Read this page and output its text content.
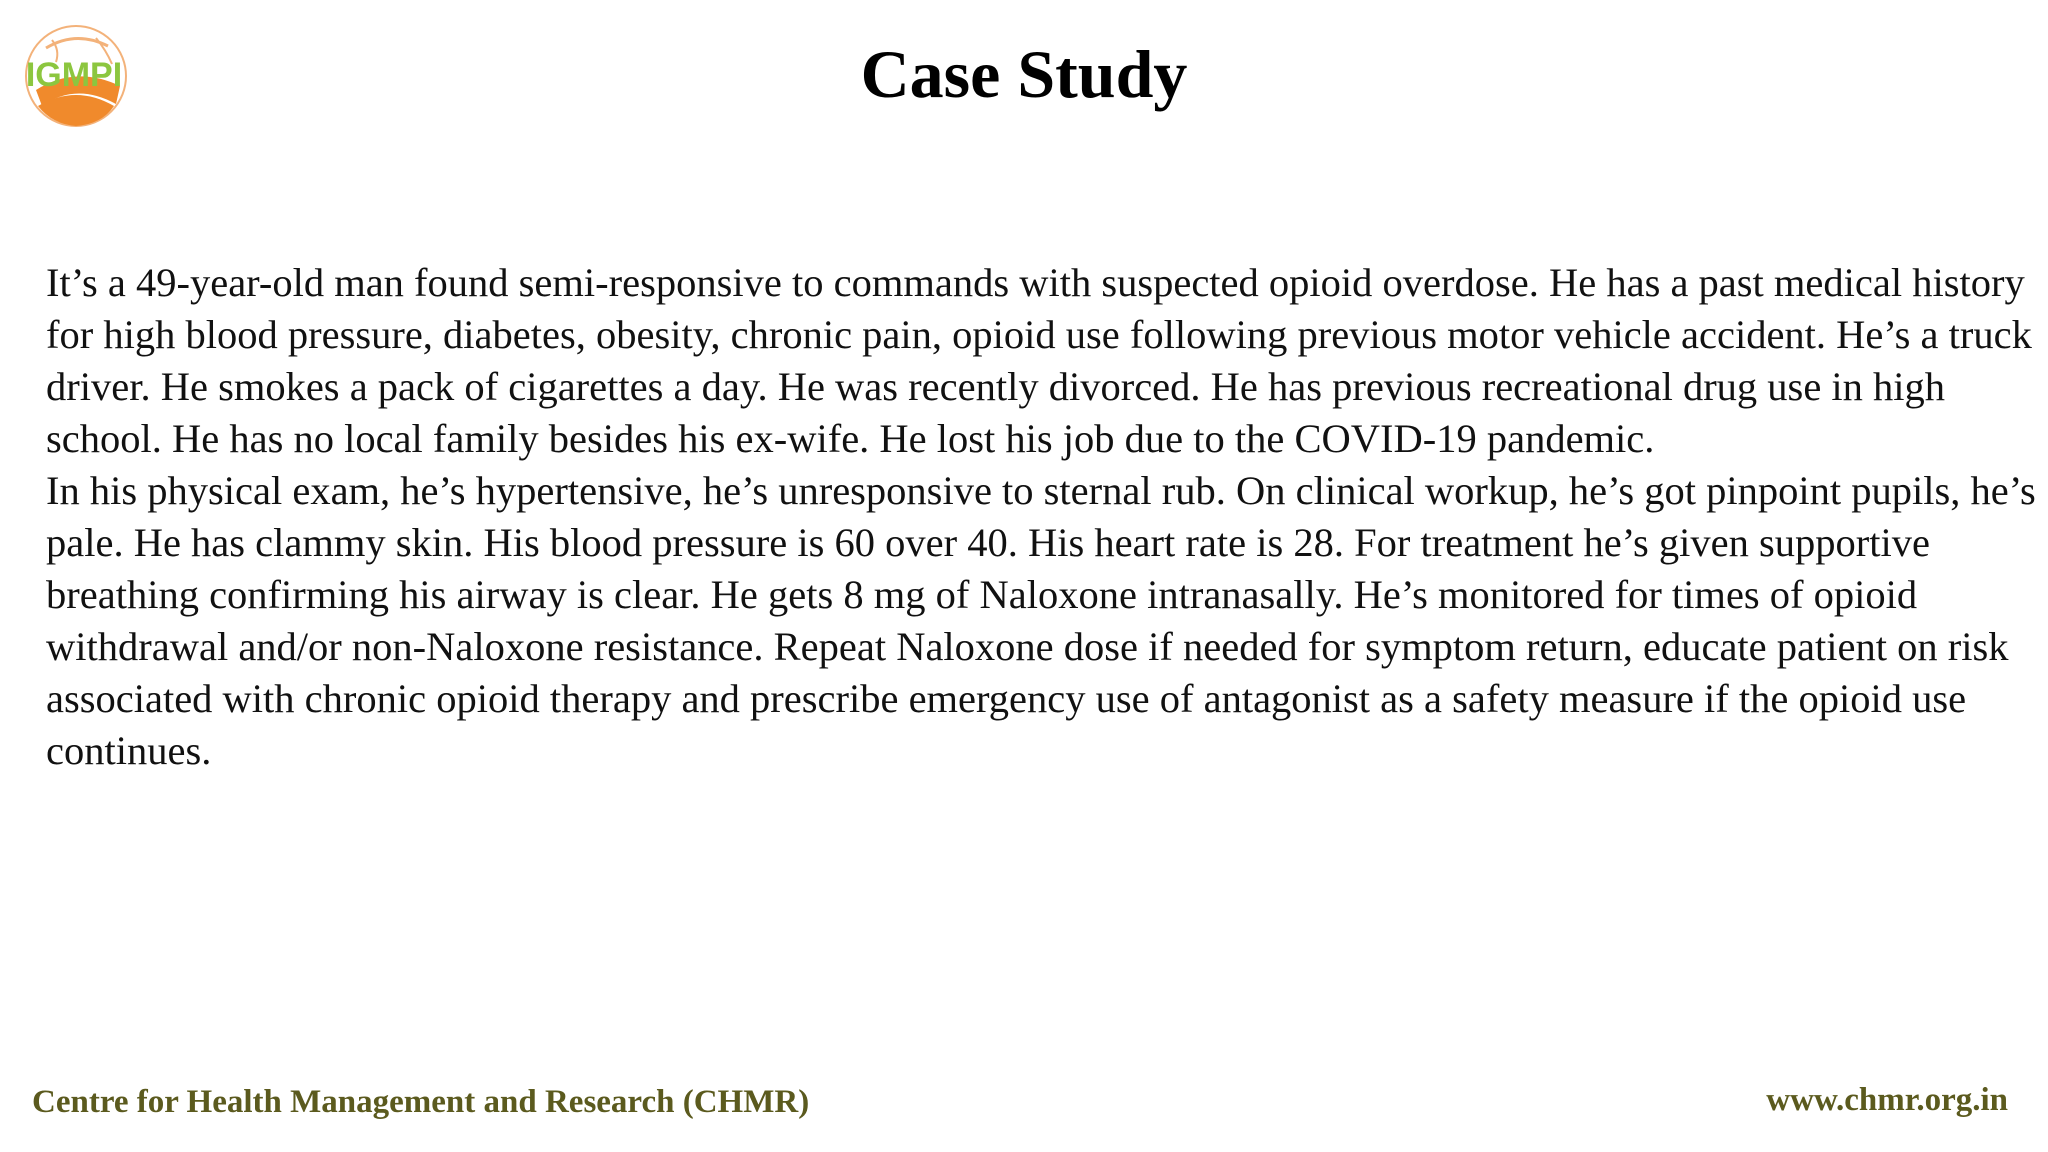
IGMPI	Case Study

It’s a 49-year-old man found semi-responsive to commands with suspected opioid overdose. He has a past medical history for high blood pressure, diabetes, obesity, chronic pain, opioid use following previous motor vehicle accident. He’s a truck driver. He smokes a pack of cigarettes a day. He was recently divorced. He has previous recreational drug use in high school. He has no local family besides his ex-wife. He lost his job due to the COVID-19 pandemic.

In his physical exam, he’s hypertensive, he’s unresponsive to sternal rub. On clinical workup, he’s got pinpoint pupils, he’s pale. He has clammy skin. His blood pressure is 60 over 40. His heart rate is 28. For treatment he’s given supportive breathing confirming his airway is clear. He gets 8 mg of Naloxone intranasally. He’s monitored for times of opioid withdrawal and/or non-Naloxone resistance. Repeat Naloxone dose if needed for symptom return, educate patient on risk associated with chronic opioid therapy and prescribe emergency use of antagonist as a safety measure if the opioid use continues.

Centre for Health Management and Research (CHMR)	www.chmr.org.in
